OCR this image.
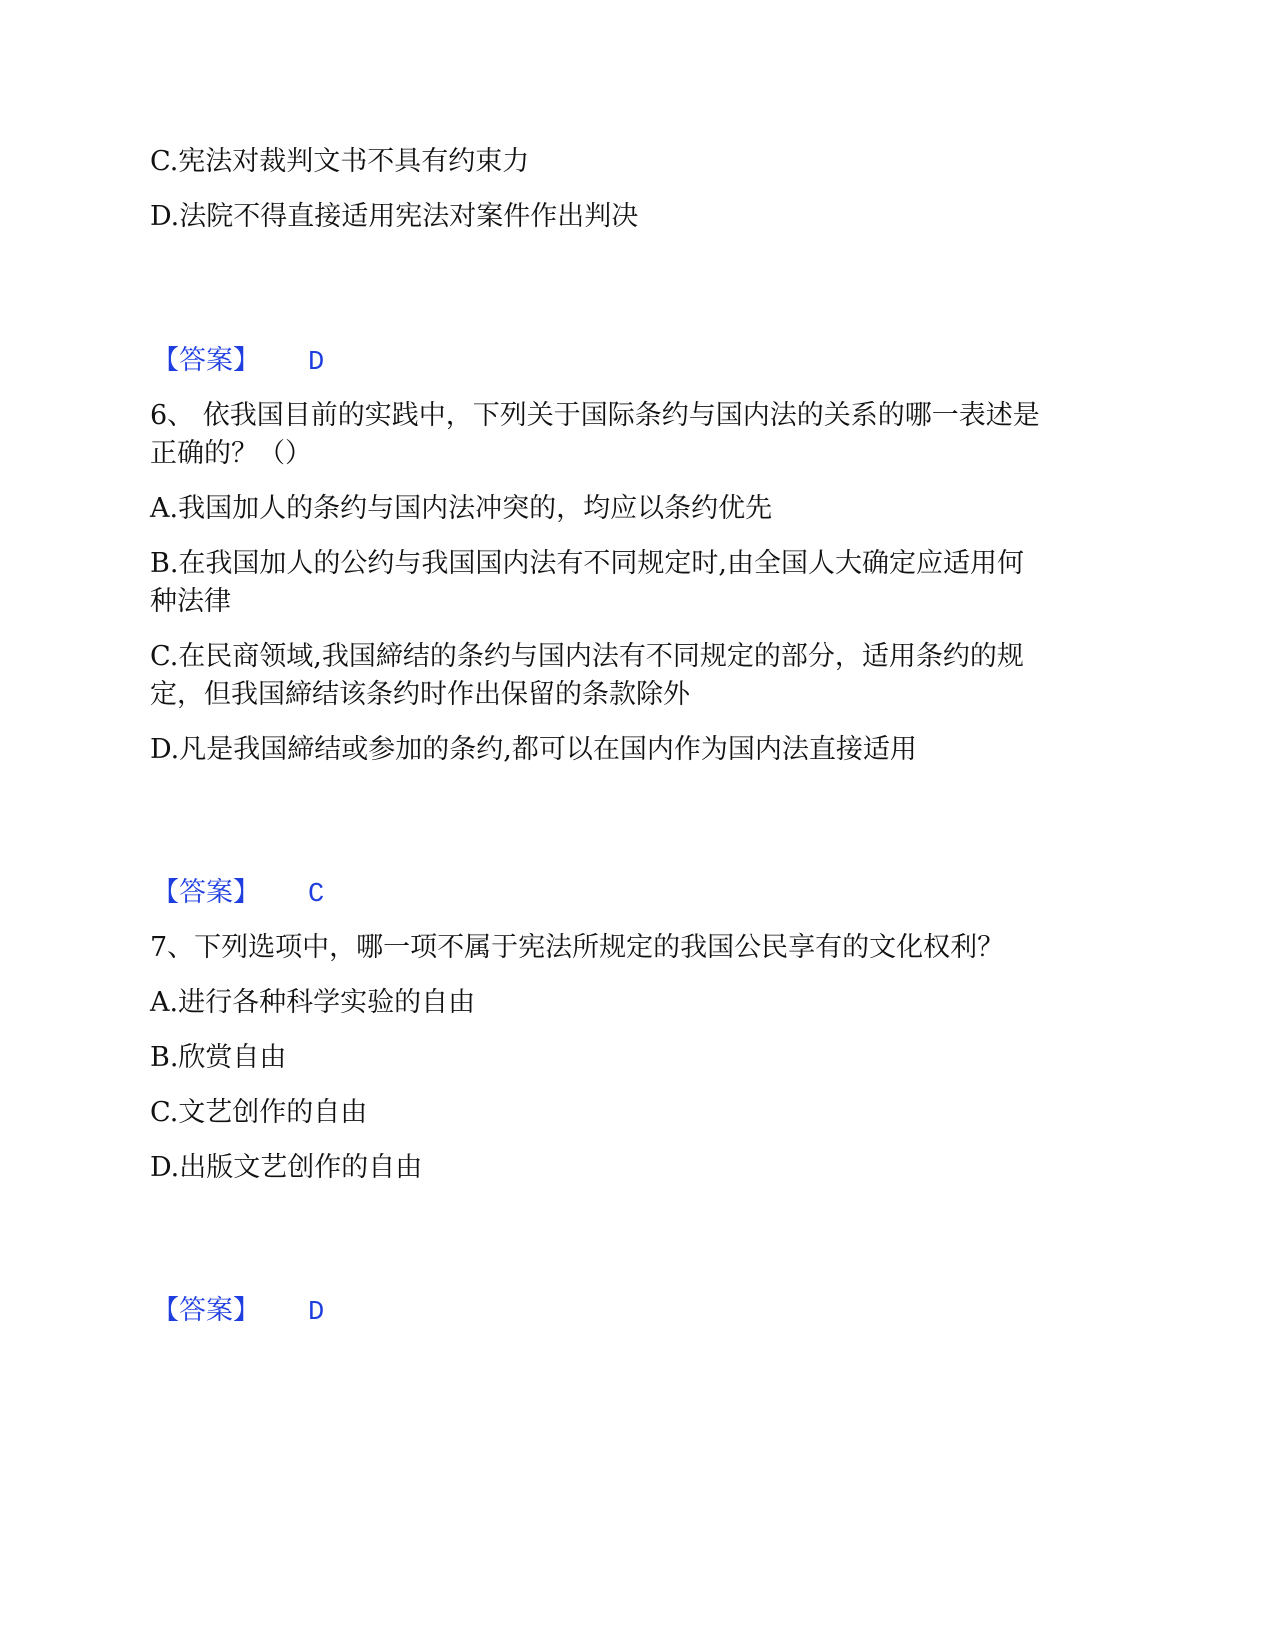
C.宪法对裁判文书不具有约束力
D.法院不得直接适用宪法对案件作出判决
【答案】 D
6、 依我国目前的实践中，下列关于国际条约与国内法的关系的哪一表述是
正确的？（）
A.我国加人的条约与国内法冲突的，均应以条约优先
B.在我国加人的公约与我国国内法有不同规定时,由全国人大确定应适用何
种法律
C.在民商领域,我国締结的条约与国内法有不同规定的部分，适用条约的规
定，但我国締结该条约时作出保留的条款除外
D.凡是我国締结或参加的条约,都可以在国内作为国内法直接适用
【答案】 C
7、下列选项中，哪一项不属于宪法所规定的我国公民享有的文化权利？
A.进行各种科学实验的自由
B.欣赏自由
C.文艺创作的自由
D.出版文艺创作的自由
【答案】 D
